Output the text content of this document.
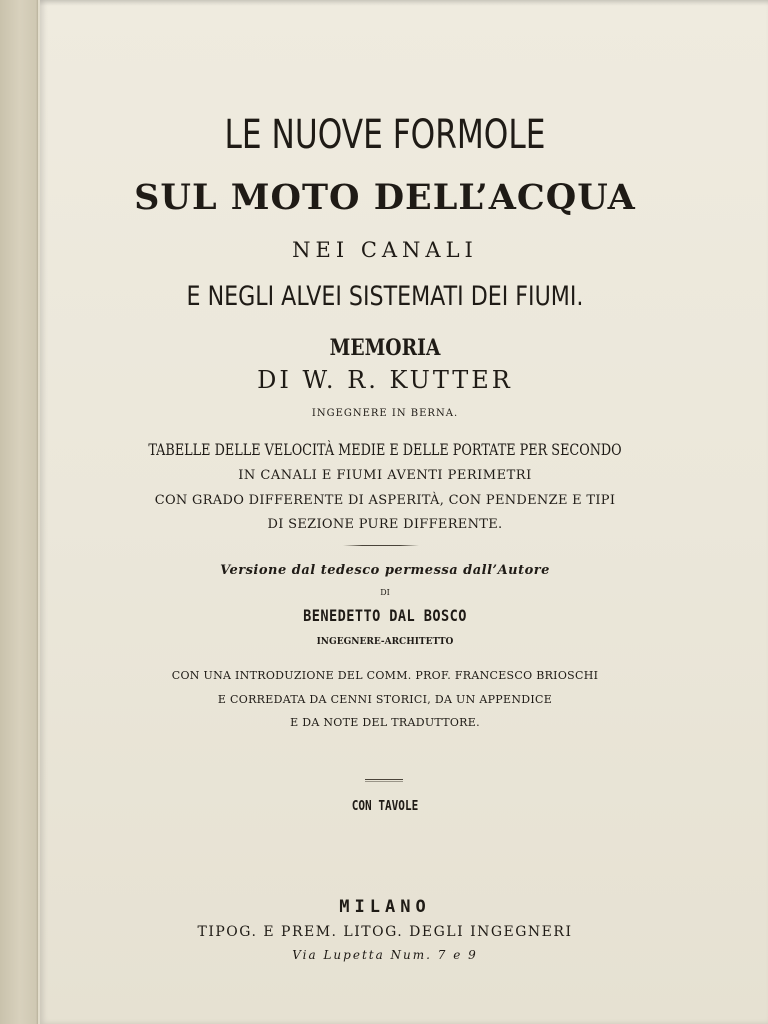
LE NUOVE FORMOLE
SUL MOTO DELL’ACQUA
NEI CANALI
E NEGLI ALVEI SISTEMATI DEI FIUMI.
MEMORIA
DI W. R. KUTTER
INGEGNERE IN BERNA.
TABELLE DELLE VELOCITÀ MEDIE E DELLE PORTATE PER SECONDO
IN CANALI E FIUMI AVENTI PERIMETRI
CON GRADO DIFFERENTE DI ASPERITÀ, CON PENDENZE E TIPI
DI SEZIONE PURE DIFFERENTE.
Versione dal tedesco permessa dall’Autore
DI
BENEDETTO DAL BOSCO
INGEGNERE-ARCHITETTO
CON UNA INTRODUZIONE DEL COMM. PROF. FRANCESCO BRIOSCHI
E CORREDATA DA CENNI STORICI, DA UN APPENDICE
E DA NOTE DEL TRADUTTORE.
CON TAVOLE
MILANO
TIPOG. E PREM. LITOG. DEGLI INGEGNERI
Via Lupetta Num. 7 e 9
